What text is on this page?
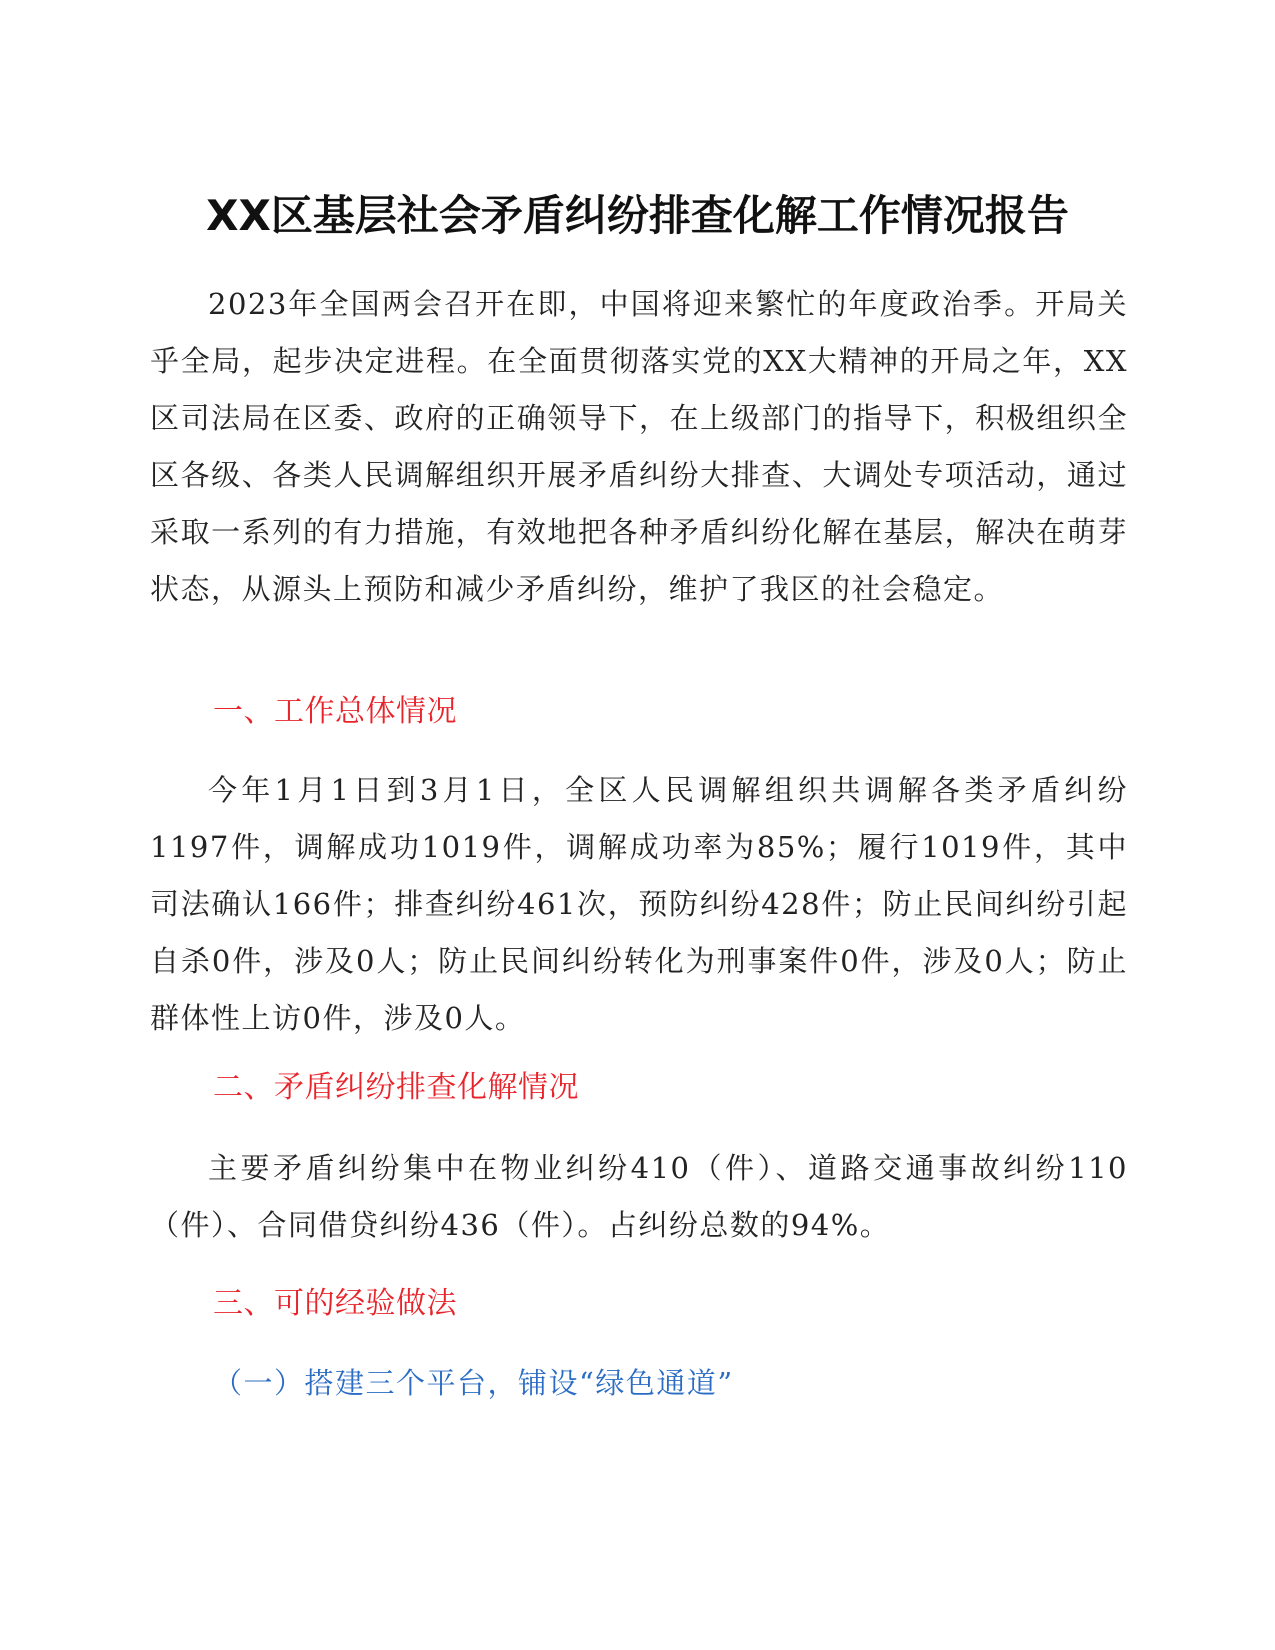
XX区基层社会矛盾纠纷排查化解工作情况报告

2023年全国两会召开在即，中国将迎来繁忙的年度政治季。开局关乎全局，起步决定进程。在全面贯彻落实党的XX大精神的开局之年，XX区司法局在区委、政府的正确领导下，在上级部门的指导下，积极组织全区各级、各类人民调解组织开展矛盾纠纷大排查、大调处专项活动，通过采取一系列的有力措施，有效地把各种矛盾纠纷化解在基层，解决在萌芽状态，从源头上预防和减少矛盾纠纷，维护了我区的社会稳定。

一、工作总体情况

今年1月1日到3月1日，全区人民调解组织共调解各类矛盾纠纷1197件，调解成功1019件，调解成功率为85%；履行1019件，其中司法确认166件；排查纠纷461次，预防纠纷428件；防止民间纠纷引起自杀0件，涉及0人；防止民间纠纷转化为刑事案件0件，涉及0人；防止群体性上访0件，涉及0人。

二、矛盾纠纷排查化解情况

主要矛盾纠纷集中在物业纠纷410（件）、道路交通事故纠纷110（件）、合同借贷纠纷436（件）。占纠纷总数的94%。

三、可的经验做法
（一）搭建三个平台，铺设“绿色通道”
